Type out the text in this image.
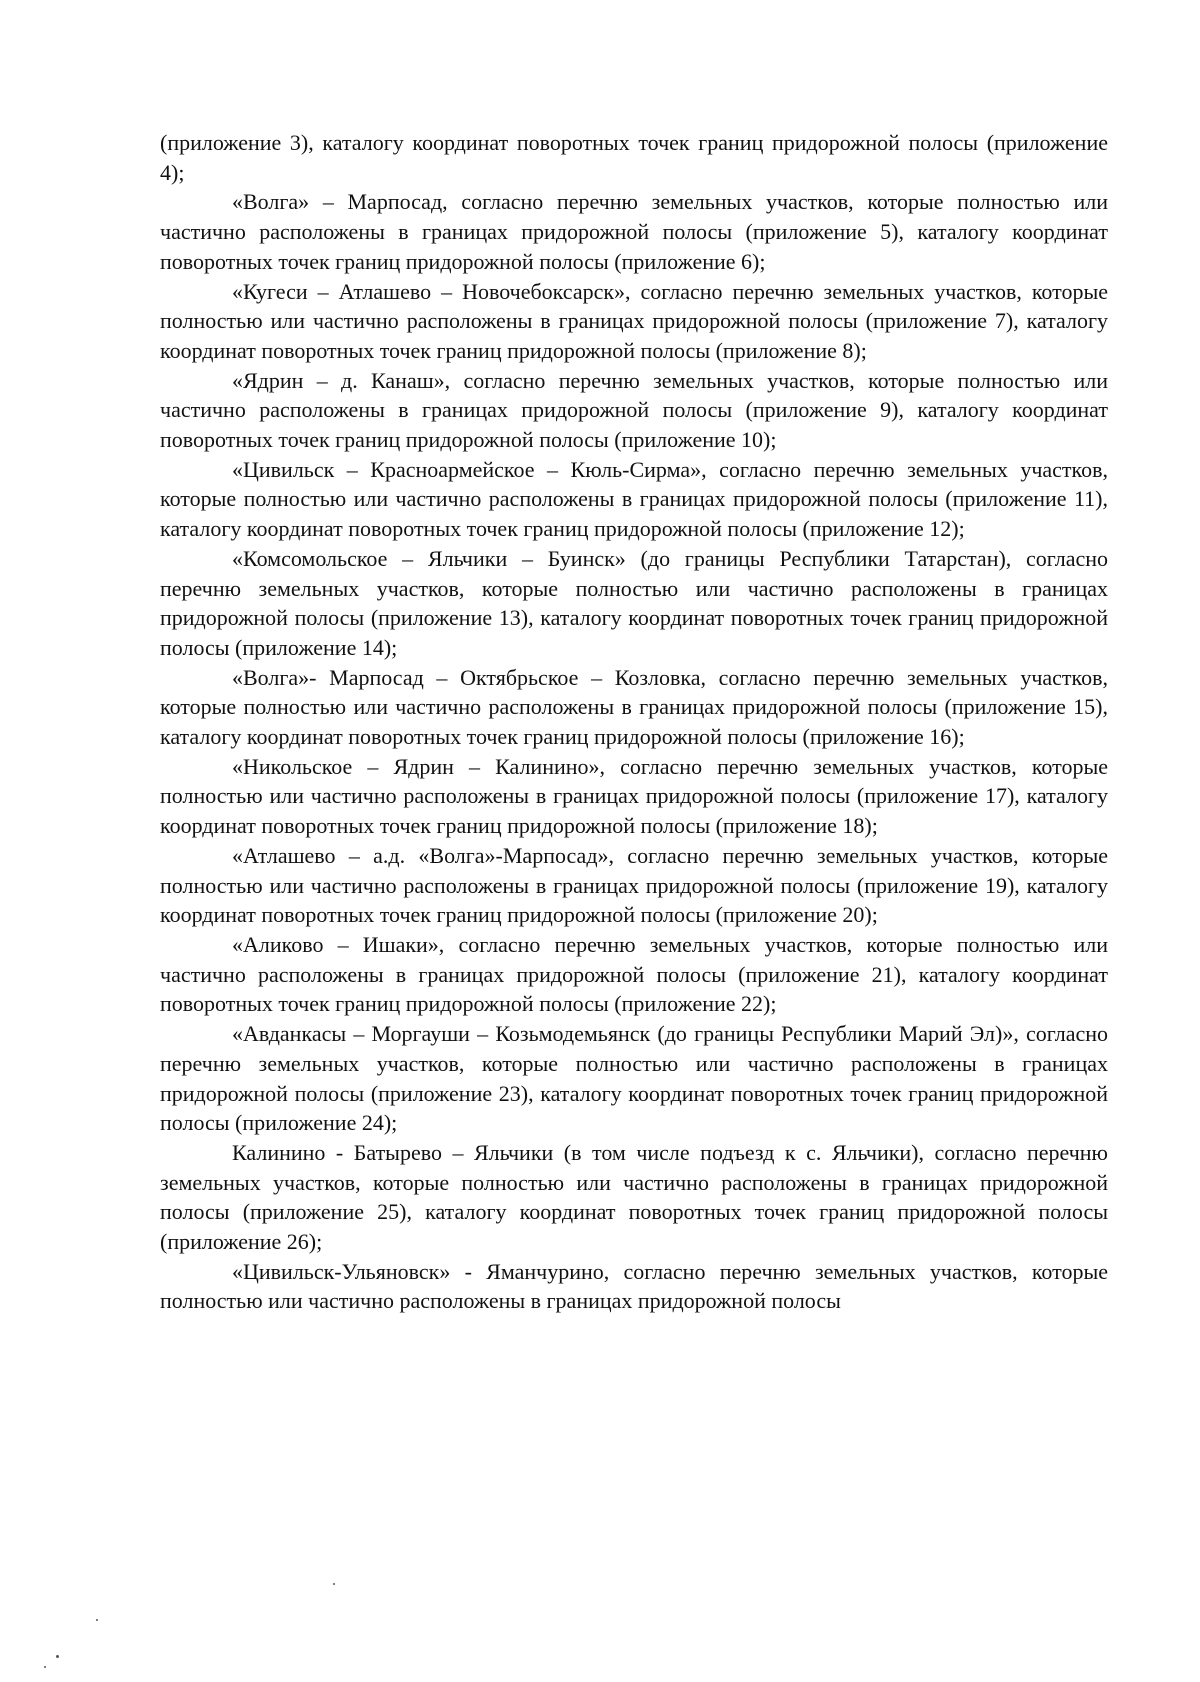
(приложение 3), каталогу координат поворотных точек границ придорожной полосы (приложение 4);

«Волга» – Марпосад, согласно перечню земельных участков, которые полностью или частично расположены в границах придорожной полосы (приложение 5), каталогу координат поворотных точек границ придорожной полосы (приложение 6);

«Кугеси – Атлашево – Новочебоксарск», согласно перечню земельных участков, которые полностью или частично расположены в границах придорожной полосы (приложение 7), каталогу координат поворотных точек границ придорожной полосы (приложение 8);

«Ядрин – д. Канаш», согласно перечню земельных участков, которые полностью или частично расположены в границах придорожной полосы (приложение 9), каталогу координат поворотных точек границ придорожной полосы (приложение 10);

«Цивильск – Красноармейское – Кюль-Сирма», согласно перечню земельных участков, которые полностью или частично расположены в границах придорожной полосы (приложение 11), каталогу координат поворотных точек границ придорожной полосы (приложение 12);

«Комсомольское – Яльчики – Буинск» (до границы Республики Татарстан), согласно перечню земельных участков, которые полностью или частично расположены в границах придорожной полосы (приложение 13), каталогу координат поворотных точек границ придорожной полосы (приложение 14);

«Волга»- Марпосад – Октябрьское – Козловка, согласно перечню земельных участков, которые полностью или частично расположены в границах придорожной полосы (приложение 15), каталогу координат поворотных точек границ придорожной полосы (приложение 16);

«Никольское – Ядрин – Калинино», согласно перечню земельных участков, которые полностью или частично расположены в границах придорожной полосы (приложение 17), каталогу координат поворотных точек границ придорожной полосы (приложение 18);

«Атлашево – а.д. «Волга»-Марпосад», согласно перечню земельных участков, которые полностью или частично расположены в границах придорожной полосы (приложение 19), каталогу координат поворотных точек границ придорожной полосы (приложение 20);

«Аликово – Ишаки», согласно перечню земельных участков, которые полностью или частично расположены в границах придорожной полосы (приложение 21), каталогу координат поворотных точек границ придорожной полосы (приложение 22);

«Авданкасы – Моргауши – Козьмодемьянск (до границы Республики Марий Эл)», согласно перечню земельных участков, которые полностью или частично расположены в границах придорожной полосы (приложение 23), каталогу координат поворотных точек границ придорожной полосы (приложение 24);

Калинино - Батырево – Яльчики (в том числе подъезд к с. Яльчики), согласно перечню земельных участков, которые полностью или частично расположены в границах придорожной полосы (приложение 25), каталогу координат поворотных точек границ придорожной полосы (приложение 26);

«Цивильск-Ульяновск» - Яманчурино, согласно перечню земельных участков, которые полностью или частично расположены в границах придорожной полосы
